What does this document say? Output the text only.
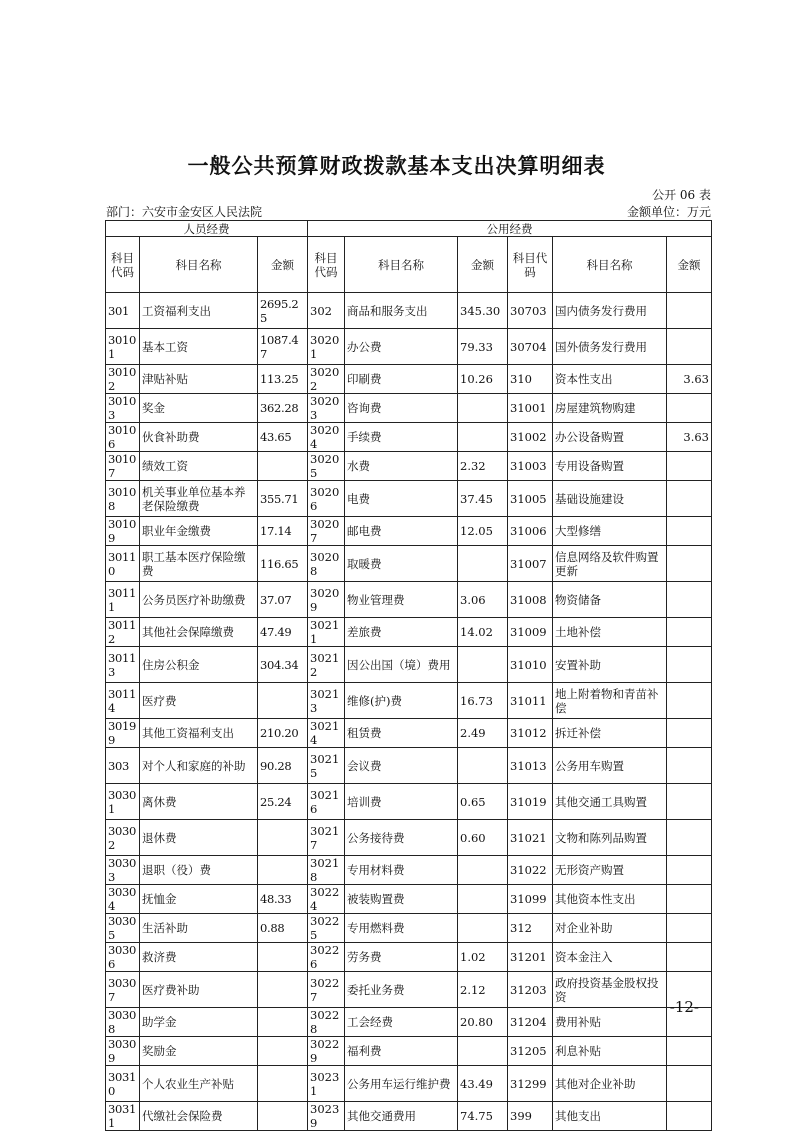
一般公共预算财政拨款基本支出决算明细表
公开 06 表
部门：六安市金安区人民法院	金额单位：万元
人员经费			公用经费					
科目代码	科目名称	金额	科目代码	科目名称	金额	科目代码	科目名称	金额
301	工资福利支出	2695.25	302	商品和服务支出	345.30	30703	国内债务发行费用	
30101	基本工资	1087.47	30201	办公费	79.33	30704	国外债务发行费用	
30102	津贴补贴	113.25	30202	印刷费	10.26	310	资本性支出	3.63
30103	奖金	362.28	30203	咨询费		31001	房屋建筑物购建	
30106	伙食补助费	43.65	30204	手续费		31002	办公设备购置	3.63
30107	绩效工资		30205	水费	2.32	31003	专用设备购置	
30108	机关事业单位基本养老保险缴费	355.71	30206	电费	37.45	31005	基础设施建设	
30109	职业年金缴费	17.14	30207	邮电费	12.05	31006	大型修缮	
30110	职工基本医疗保险缴费	116.65	30208	取暖费		31007	信息网络及软件购置更新	
30111	公务员医疗补助缴费	37.07	30209	物业管理费	3.06	31008	物资储备	
30112	其他社会保障缴费	47.49	30211	差旅费	14.02	31009	土地补偿	
30113	住房公积金	304.34	30212	因公出国（境）费用		31010	安置补助	
30114	医疗费		30213	维修(护)费	16.73	31011	地上附着物和青苗补偿	
30199	其他工资福利支出	210.20	30214	租赁费	2.49	31012	拆迁补偿	
303	对个人和家庭的补助	90.28	30215	会议费		31013	公务用车购置	
30301	离休费	25.24	30216	培训费	0.65	31019	其他交通工具购置	
30302	退休费		30217	公务接待费	0.60	31021	文物和陈列品购置	
30303	退职（役）费		30218	专用材料费		31022	无形资产购置	
30304	抚恤金	48.33	30224	被装购置费		31099	其他资本性支出	
30305	生活补助	0.88	30225	专用燃料费		312	对企业补助	
30306	救济费		30226	劳务费	1.02	31201	资本金注入	
30307	医疗费补助		30227	委托业务费	2.12	31203	政府投资基金股权投资	
30308	助学金		30228	工会经费	20.80	31204	费用补贴	
30309	奖励金		30229	福利费		31205	利息补贴	
30310	个人农业生产补贴		30231	公务用车运行维护费	43.49	31299	其他对企业补助	
30311	代缴社会保险费		30239	其他交通费用	74.75	399	其他支出	
-12-
